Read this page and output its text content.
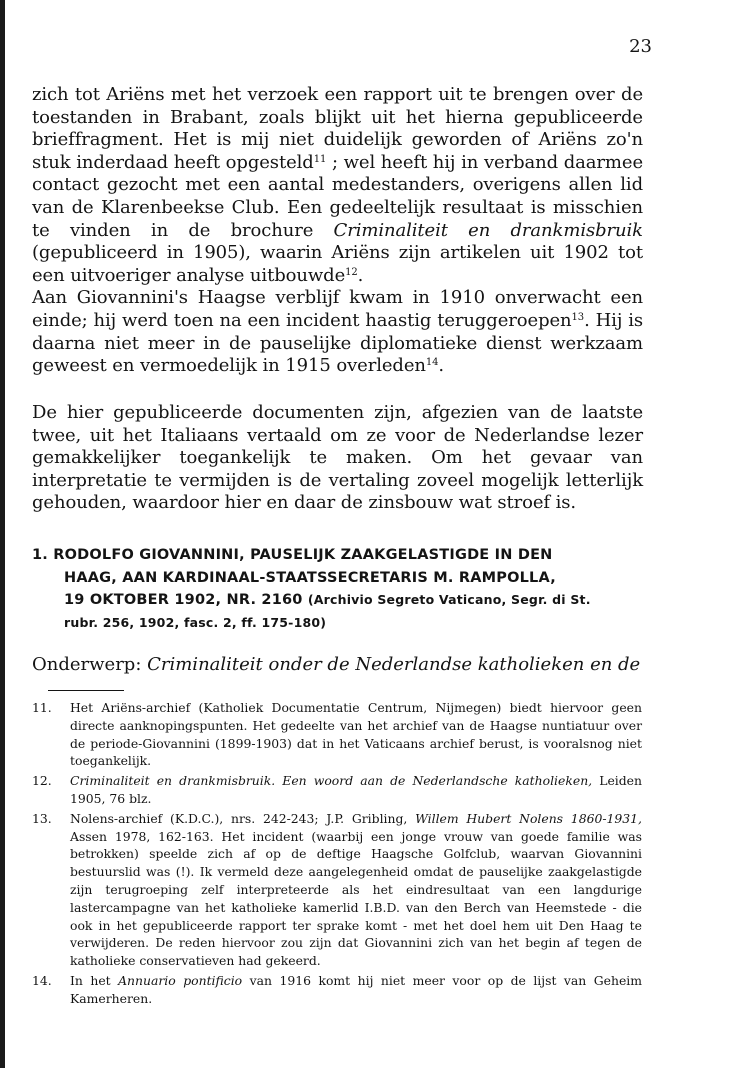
23

zich tot Ariëns met het verzoek een rapport uit te brengen over de toestanden in Brabant, zoals blijkt uit het hierna gepubliceerde brieffragment. Het is mij niet duidelijk geworden of Ariëns zo'n stuk inderdaad heeft opgesteld$^{11}$ ; wel heeft hij in verband daarmee contact gezocht met een aantal medestanders, overigens allen lid van de Klarenbeekse Club. Een gedeeltelijk resultaat is misschien te vinden in de brochure Criminaliteit en drankmisbruik (gepubliceerd in 1905), waarin Ariëns zijn artikelen uit 1902 tot een uitvoeriger analyse uitbouwde$^{12}$.

Aan Giovannini's Haagse verblijf kwam in 1910 onverwacht een einde; hij werd toen na een incident haastig teruggeroepen$^{13}$. Hij is daarna niet meer in de pauselijke diplomatieke dienst werkzaam geweest en vermoedelijk in 1915 overleden$^{14}$.

De hier gepubliceerde documenten zijn, afgezien van de laatste twee, uit het Italiaans vertaald om ze voor de Nederlandse lezer gemakkelijker toegankelijk te maken. Om het gevaar van interpretatie te vermijden is de vertaling zoveel mogelijk letterlijk gehouden, waardoor hier en daar de zinsbouw wat stroef is.

1. RODOLFO GIOVANNINI, PAUSELIJK ZAAKGELASTIGDE IN DEN
HAAG, AAN KARDINAAL-STAATSSECRETARIS M. RAMPOLLA,
19 OKTOBER 1902, NR. 2160 (Archivio Segreto Vaticano, Segr. di St.
rubr. 256, 1902, fasc. 2, ff. 175-180)
Onderwerp: Criminaliteit onder de Nederlandse katholieken en de
11.	Het Ariëns-archief (Katholiek Documentatie Centrum, Nijmegen) biedt hiervoor geen directe aanknopingspunten. Het gedeelte van het archief van de Haagse nuntiatuur over de periode-Giovannini (1899-1903) dat in het Vaticaans archief berust, is vooralsnog niet toegankelijk.
12.	Criminaliteit en drankmisbruik. Een woord aan de Nederlandsche katholieken, Leiden 1905, 76 blz.
13.	Nolens-archief (K.D.C.), nrs. 242-243; J.P. Gribling, Willem Hubert Nolens 1860-1931, Assen 1978, 162-163. Het incident (waarbij een jonge vrouw van goede familie was betrokken) speelde zich af op de deftige Haagsche Golfclub, waarvan Giovannini bestuurslid was (!). Ik vermeld deze aangelegenheid omdat de pauselijke zaakgelastigde zijn terugroeping zelf interpreteerde als het eindresultaat van een langdurige lastercampagne van het katholieke kamerlid I.B.D. van den Berch van Heemstede - die ook in het gepubliceerde rapport ter sprake komt - met het doel hem uit Den Haag te verwijderen. De reden hiervoor zou zijn dat Giovannini zich van het begin af tegen de katholieke conservatieven had gekeerd.
14.	In het Annuario pontificio van 1916 komt hij niet meer voor op de lijst van Geheim Kamerheren.
